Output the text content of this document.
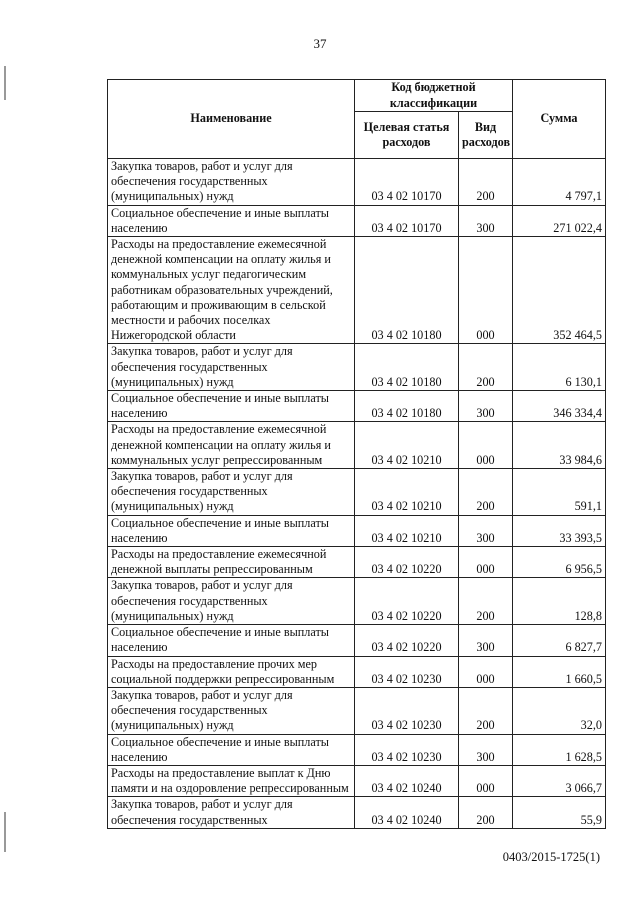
37
Наименование	Код бюджетной классификации		Сумма
	Целевая статья расходов	Вид расходов	
Закупка товаров, работ и услуг для обеспечения государственных (муниципальных) нужд	03 4 02 10170	200	4 797,1
Социальное обеспечение и иные выплаты населению	03 4 02 10170	300	271 022,4
Расходы на предоставление ежемесячной денежной компенсации на оплату жилья и коммунальных услуг педагогическим работникам образовательных учреждений, работающим и проживающим в сельской местности и рабочих поселках Нижегородской области	03 4 02 10180	000	352 464,5
Закупка товаров, работ и услуг для обеспечения государственных (муниципальных) нужд	03 4 02 10180	200	6 130,1
Социальное обеспечение и иные выплаты населению	03 4 02 10180	300	346 334,4
Расходы на предоставление ежемесячной денежной компенсации на оплату жилья и коммунальных услуг репрессированным	03 4 02 10210	000	33 984,6
Закупка товаров, работ и услуг для обеспечения государственных (муниципальных) нужд	03 4 02 10210	200	591,1
Социальное обеспечение и иные выплаты населению	03 4 02 10210	300	33 393,5
Расходы на предоставление ежемесячной денежной выплаты репрессированным	03 4 02 10220	000	6 956,5
Закупка товаров, работ и услуг для обеспечения государственных (муниципальных) нужд	03 4 02 10220	200	128,8
Социальное обеспечение и иные выплаты населению	03 4 02 10220	300	6 827,7
Расходы на предоставление прочих мер социальной поддержки репрессированным	03 4 02 10230	000	1 660,5
Закупка товаров, работ и услуг для обеспечения государственных (муниципальных) нужд	03 4 02 10230	200	32,0
Социальное обеспечение и иные выплаты населению	03 4 02 10230	300	1 628,5
Расходы на предоставление выплат к Дню памяти и на оздоровление репрессированным	03 4 02 10240	000	3 066,7
Закупка товаров, работ и услуг для обеспечения государственных	03 4 02 10240	200	55,9
0403/2015-1725(1)
